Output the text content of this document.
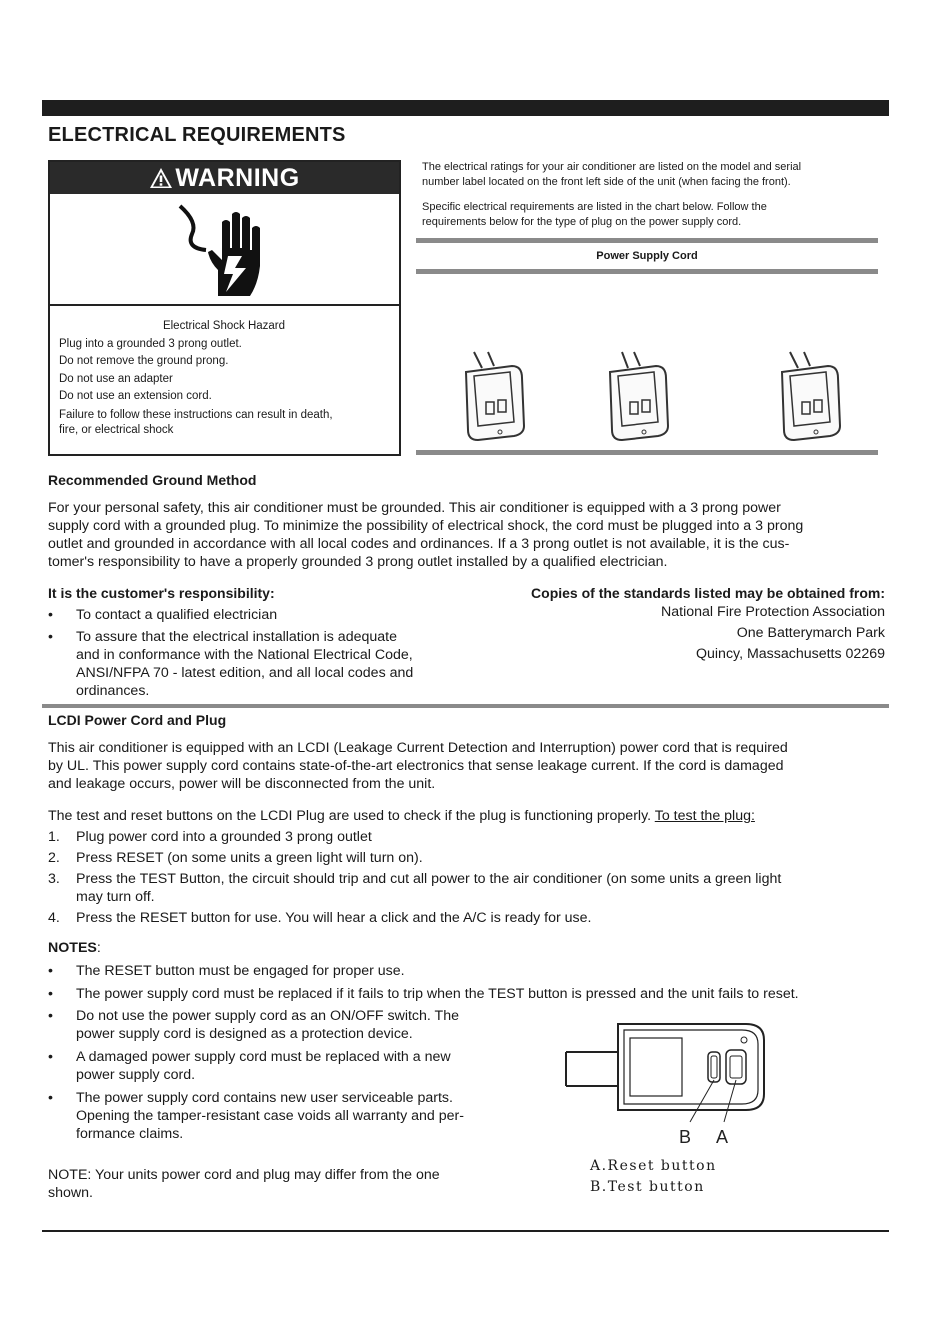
ELECTRICAL REQUIREMENTS
WARNING
Electrical Shock Hazard
Plug into a grounded 3 prong outlet.
Do not remove the ground prong.
Do not use an adapter
Do not use an extension cord.
Failure to follow these instructions can result in death,
fire, or electrical shock
The electrical ratings for your air conditioner are listed on the model and serial
number label located on the front left side of the unit (when facing the front).
Specific electrical requirements are listed in the chart below. Follow the
requirements below for the type of plug on the power supply cord.
Power Supply Cord
Recommended Ground Method
For your personal safety, this air conditioner must be grounded. This air conditioner is equipped with a 3 prong power
supply cord with a grounded plug. To minimize the possibility of electrical shock, the cord must be plugged into a 3 prong
outlet and grounded in accordance with all local codes and ordinances. If a 3 prong outlet is not available, it is the cus-
tomer's responsibility to have a properly grounded 3 prong outlet installed by a qualified electrician.
It is the customer's responsibility:
• To contact a qualified electrician
• To assure that the electrical installation is adequate
and in conformance with the National Electrical Code,
ANSI/NFPA 70 - latest edition, and all local codes and
ordinances.
Copies of the standards listed may be obtained from:
National Fire Protection Association
One Batterymarch Park
Quincy, Massachusetts 02269
LCDI Power Cord and Plug
This air conditioner is equipped with an LCDI (Leakage Current Detection and Interruption) power cord that is required
by UL. This power supply cord contains state-of-the-art electronics that sense leakage current. If the cord is damaged
and leakage occurs, power will be disconnected from the unit.
The test and reset buttons on the LCDI Plug are used to check if the plug is functioning properly. To test the plug:
1. Plug power cord into a grounded 3 prong outlet
2. Press RESET (on some units a green light will turn on).
3. Press the TEST Button, the circuit should trip and cut all power to the air conditioner (on some units a green light
may turn off.
4. Press the RESET button for use. You will hear a click and the A/C is ready for use.
NOTES:
• The RESET button must be engaged for proper use.
• The power supply cord must be replaced if it fails to trip when the TEST button is pressed and the unit fails to reset.
• Do not use the power supply cord as an ON/OFF switch. The
power supply cord is designed as a protection device.
• A damaged power supply cord must be replaced with a new
power supply cord.
• The power supply cord contains new user serviceable parts.
Opening the tamper-resistant case voids all warranty and per-
formance claims.
NOTE: Your units power cord and plug may differ from the one
shown.
B A
A.Reset button
B.Test button
